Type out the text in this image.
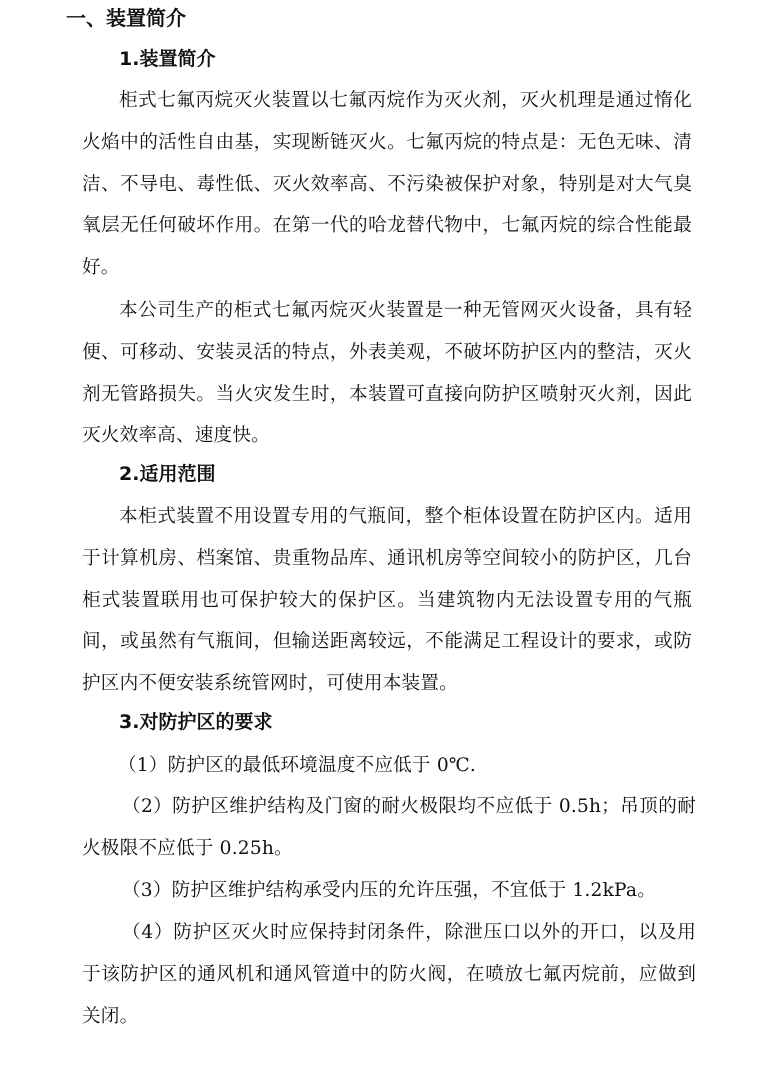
一、装置简介
1.装置简介

柜式七氟丙烷灭火装置以七氟丙烷作为灭火剂，灭火机理是通过惰化火焰中的活性自由基，实现断链灭火。七氟丙烷的特点是：无色无味、清洁、不导电、毒性低、灭火效率高、不污染被保护对象，特别是对大气臭氧层无任何破坏作用。在第一代的哈龙替代物中，七氟丙烷的综合性能最好。

本公司生产的柜式七氟丙烷灭火装置是一种无管网灭火设备，具有轻便、可移动、安装灵活的特点，外表美观，不破坏防护区内的整洁，灭火剂无管路损失。当火灾发生时，本装置可直接向防护区喷射灭火剂，因此灭火效率高、速度快。

2.适用范围

本柜式装置不用设置专用的气瓶间，整个柜体设置在防护区内。适用于计算机房、档案馆、贵重物品库、通讯机房等空间较小的防护区，几台柜式装置联用也可保护较大的保护区。当建筑物内无法设置专用的气瓶间，或虽然有气瓶间，但输送距离较远，不能满足工程设计的要求，或防护区内不便安装系统管网时，可使用本装置。

3.对防护区的要求

（1）防护区的最低环境温度不应低于 0℃.

（2）防护区维护结构及门窗的耐火极限均不应低于 0.5h；吊顶的耐火极限不应低于 0.25h。

（3）防护区维护结构承受内压的允许压强，不宜低于 1.2kPa。

（4）防护区灭火时应保持封闭条件，除泄压口以外的开口，以及用于该防护区的通风机和通风管道中的防火阀，在喷放七氟丙烷前，应做到关闭。
